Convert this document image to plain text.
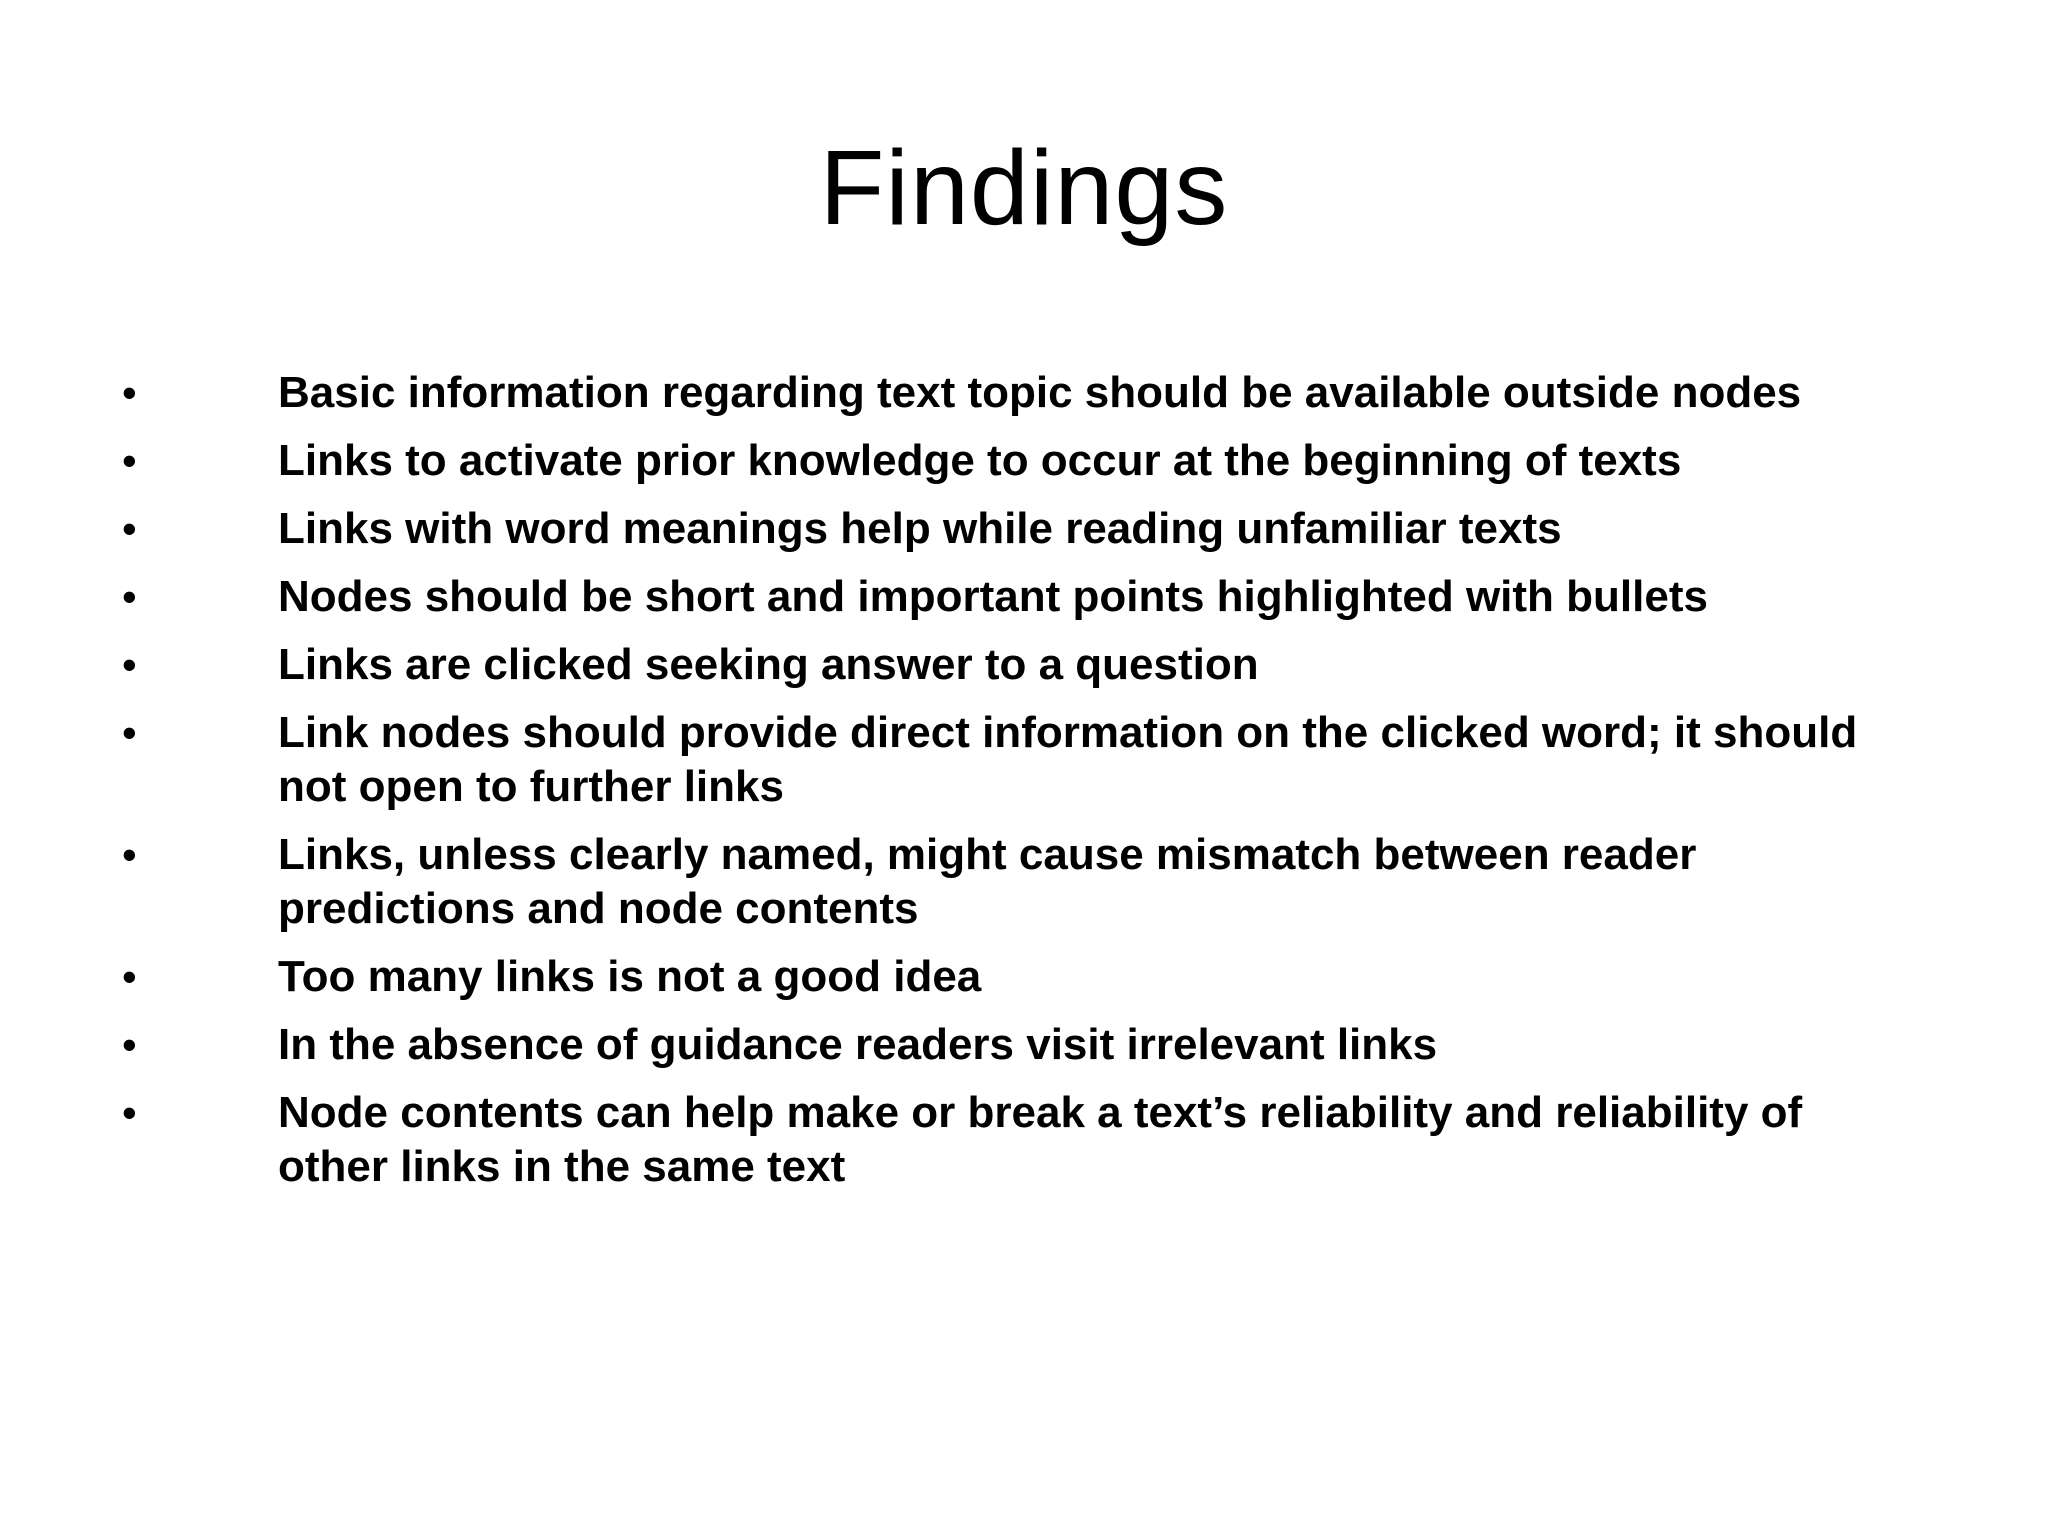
Findings
•	Basic information regarding text topic should be available outside nodes
•	Links to activate prior knowledge to occur at the beginning of texts
•	Links with word meanings help while reading unfamiliar texts
•	Nodes should be short and important points highlighted with bullets
•	Links are clicked seeking answer to a question
•	Link nodes should provide direct information on the clicked word; it should not open to further links
•	Links, unless clearly named, might cause mismatch between reader predictions and node contents
•	Too many links is not a good idea
•	In the absence of guidance readers visit irrelevant links
•	Node contents can help make or break a text’s reliability and reliability of other links in the same text
